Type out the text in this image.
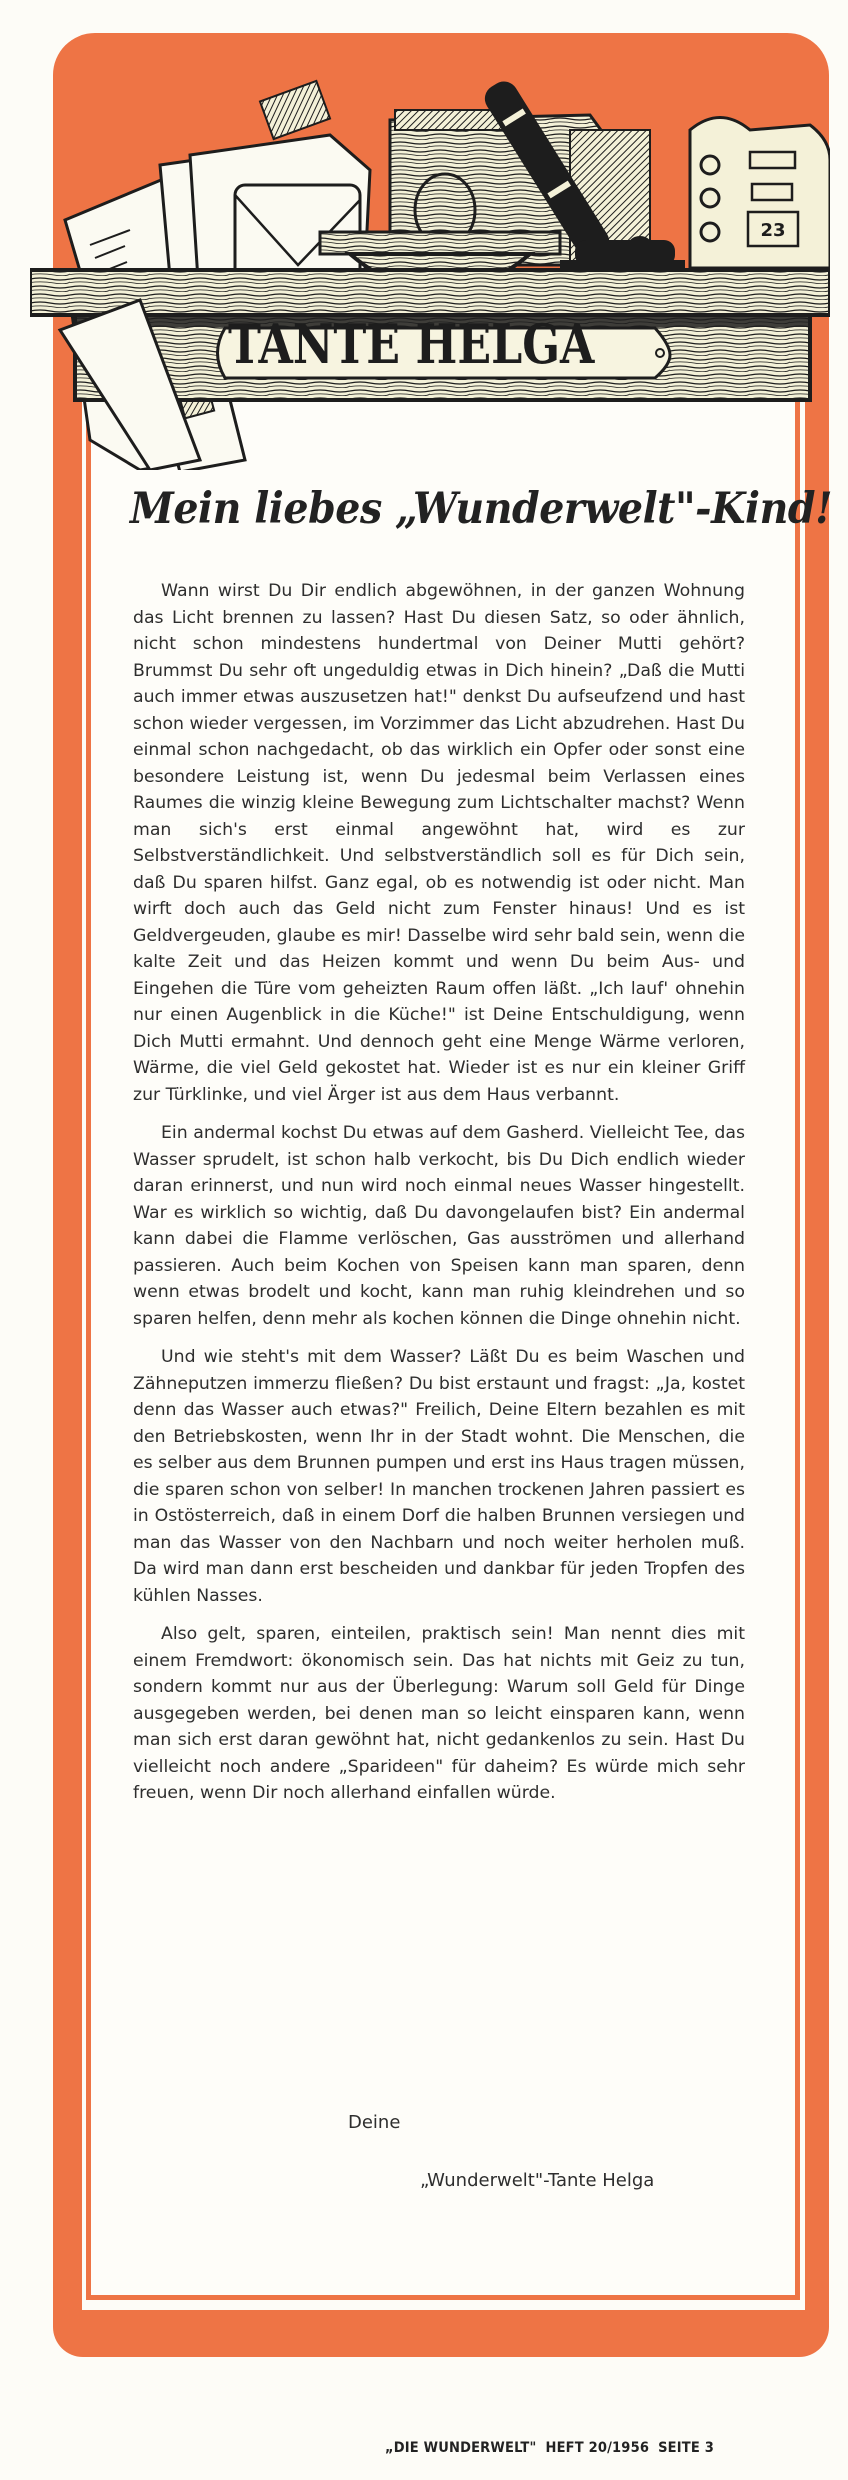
23
TANTE HELGA
Mein liebes „Wunderwelt"-Kind!

Wann wirst Du Dir endlich abgewöhnen, in der ganzen Wohnung das Licht brennen zu lassen? Hast Du diesen Satz, so oder ähnlich, nicht schon mindestens hundertmal von Deiner Mutti gehört? Brummst Du sehr oft ungeduldig etwas in Dich hinein? „Daß die Mutti auch immer etwas auszusetzen hat!" denkst Du aufseufzend und hast schon wieder vergessen, im Vorzimmer das Licht abzudrehen. Hast Du einmal schon nachgedacht, ob das wirklich ein Opfer oder sonst eine besondere Leistung ist, wenn Du jedesmal beim Verlassen eines Raumes die winzig kleine Bewegung zum Lichtschalter machst? Wenn man sich's erst einmal angewöhnt hat, wird es zur Selbstverständlichkeit. Und selbstverständlich soll es für Dich sein, daß Du sparen hilfst. Ganz egal, ob es notwendig ist oder nicht. Man wirft doch auch das Geld nicht zum Fenster hinaus! Und es ist Geldvergeuden, glaube es mir! Dasselbe wird sehr bald sein, wenn die kalte Zeit und das Heizen kommt und wenn Du beim Aus- und Eingehen die Türe vom geheizten Raum offen läßt. „Ich lauf' ohnehin nur einen Augenblick in die Küche!" ist Deine Entschuldigung, wenn Dich Mutti ermahnt. Und dennoch geht eine Menge Wärme verloren, Wärme, die viel Geld gekostet hat. Wieder ist es nur ein kleiner Griff zur Türklinke, und viel Ärger ist aus dem Haus verbannt.

Ein andermal kochst Du etwas auf dem Gasherd. Vielleicht Tee, das Wasser sprudelt, ist schon halb verkocht, bis Du Dich endlich wieder daran erinnerst, und nun wird noch einmal neues Wasser hingestellt. War es wirklich so wichtig, daß Du davongelaufen bist? Ein andermal kann dabei die Flamme verlöschen, Gas ausströmen und allerhand passieren. Auch beim Kochen von Speisen kann man sparen, denn wenn etwas brodelt und kocht, kann man ruhig kleindrehen und so sparen helfen, denn mehr als kochen können die Dinge ohnehin nicht.

Und wie steht's mit dem Wasser? Läßt Du es beim Waschen und Zähneputzen immerzu fließen? Du bist erstaunt und fragst: „Ja, kostet denn das Wasser auch etwas?" Freilich, Deine Eltern bezahlen es mit den Betriebskosten, wenn Ihr in der Stadt wohnt. Die Menschen, die es selber aus dem Brunnen pumpen und erst ins Haus tragen müssen, die sparen schon von selber! In manchen trockenen Jahren passiert es in Ostösterreich, daß in einem Dorf die halben Brunnen versiegen und man das Wasser von den Nachbarn und noch weiter herholen muß. Da wird man dann erst bescheiden und dankbar für jeden Tropfen des kühlen Nasses.

Also gelt, sparen, einteilen, praktisch sein! Man nennt dies mit einem Fremdwort: ökonomisch sein. Das hat nichts mit Geiz zu tun, sondern kommt nur aus der Überlegung: Warum soll Geld für Dinge ausgegeben werden, bei denen man so leicht einsparen kann, wenn man sich erst daran gewöhnt hat, nicht gedankenlos zu sein. Hast Du vielleicht noch andere „Sparideen" für daheim? Es würde mich sehr freuen, wenn Dir noch allerhand einfallen würde.

Deine
„Wunderwelt"-Tante Helga
„DIE WUNDERWELT" HEFT 20/1956 SEITE 3
